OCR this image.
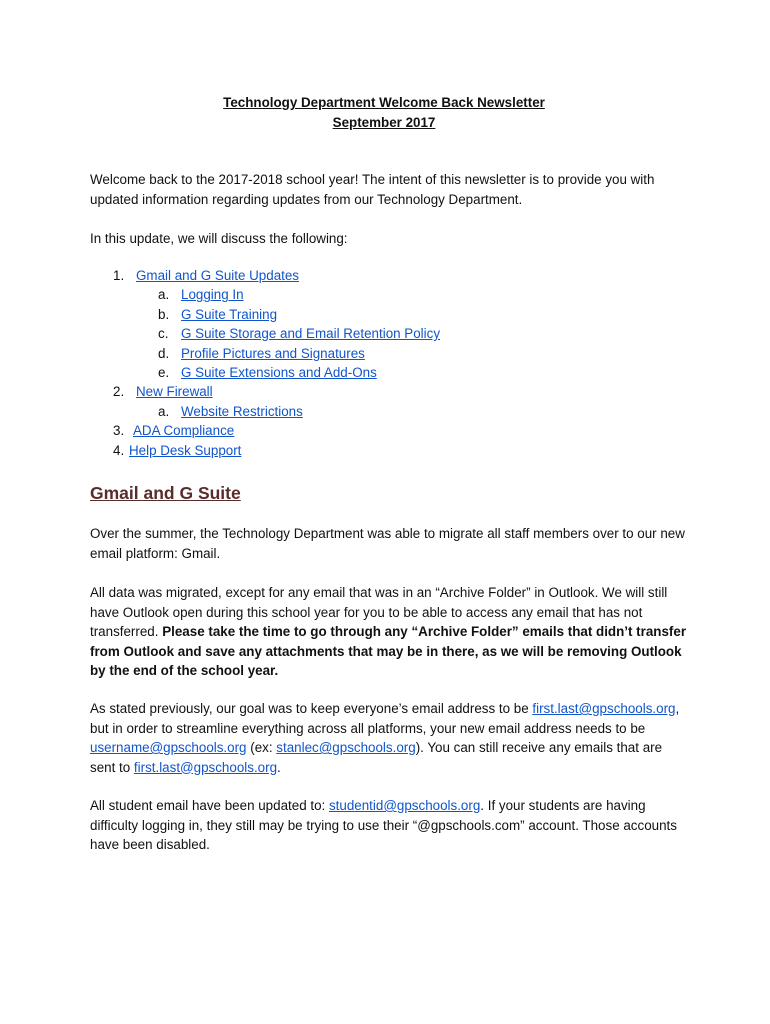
Technology Department Welcome Back Newsletter
September 2017

Welcome back to the 2017-2018 school year! The intent of this newsletter is to provide you with updated information regarding updates from our Technology Department.

In this update, we will discuss the following:

1. Gmail and G Suite Updates
a. Logging In
b. G Suite Training
c. G Suite Storage and Email Retention Policy
d. Profile Pictures and Signatures
e. G Suite Extensions and Add-Ons
2. New Firewall
a. Website Restrictions
3. ADA Compliance
4. Help Desk Support
Gmail and G Suite

Over the summer, the Technology Department was able to migrate all staff members over to our new email platform: Gmail.

All data was migrated, except for any email that was in an “Archive Folder” in Outlook. We will still have Outlook open during this school year for you to be able to access any email that has not transferred. Please take the time to go through any “Archive Folder” emails that didn’t transfer from Outlook and save any attachments that may be in there, as we will be removing Outlook by the end of the school year.

As stated previously, our goal was to keep everyone’s email address to be first.last@gpschools.org, but in order to streamline everything across all platforms, your new email address needs to be username@gpschools.org (ex: stanlec@gpschools.org). You can still receive any emails that are sent to first.last@gpschools.org.

All student email have been updated to: studentid@gpschools.org. If your students are having difficulty logging in, they still may be trying to use their “@gpschools.com” account. Those accounts have been disabled.
